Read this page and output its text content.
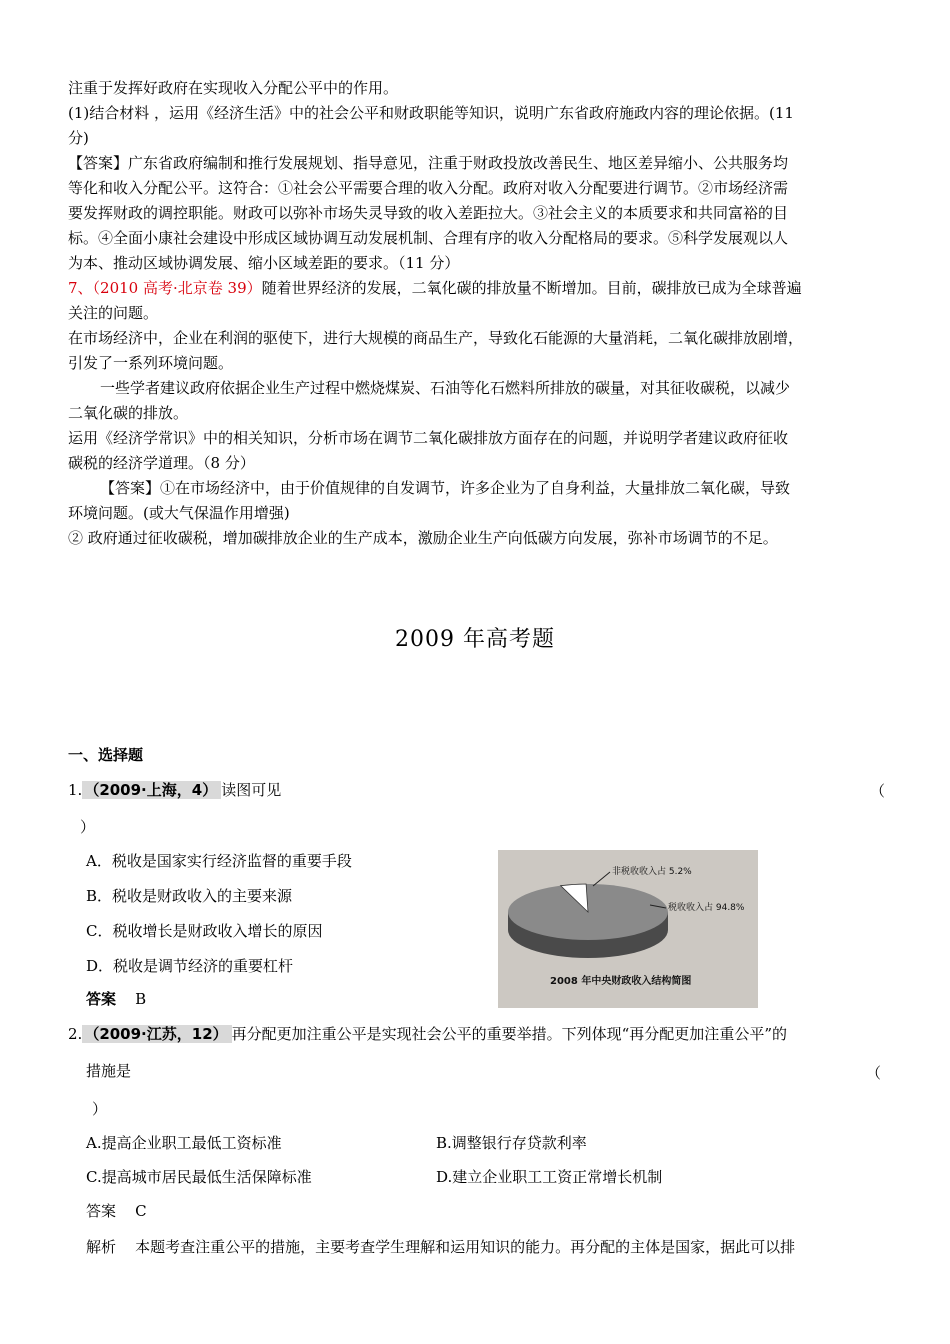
注重于发挥好政府在实现收入分配公平中的作用。
(1)结合材料 ，运用《经济生活》中的社会公平和财政职能等知识，说明广东省政府施政内容的理论依据。(11
分)
【答案】广东省政府编制和推行发展规划、指导意见，注重于财政投放改善民生、地区差异缩小、公共服务均
等化和收入分配公平。这符合：①社会公平需要合理的收入分配。政府对收入分配要进行调节。②市场经济需
要发挥财政的调控职能。财政可以弥补市场失灵导致的收入差距拉大。③社会主义的本质要求和共同富裕的目
标。④全面小康社会建设中形成区域协调互动发展机制、合理有序的收入分配格局的要求。⑤科学发展观以人
为本、推动区域协调发展、缩小区域差距的要求。（11 分）
7、（2010 高考·北京卷 39）随着世界经济的发展，二氧化碳的排放量不断增加。目前，碳排放已成为全球普遍
关注的问题。
在市场经济中，企业在利润的驱使下，进行大规模的商品生产，导致化石能源的大量消耗，二氧化碳排放剧增，
引发了一系列环境问题。
一些学者建议政府依据企业生产过程中燃烧煤炭、石油等化石燃料所排放的碳量，对其征收碳税，以减少
二氧化碳的排放。
运用《经济学常识》中的相关知识，分析市场在调节二氧化碳排放方面存在的问题，并说明学者建议政府征收
碳税的经济学道理。（8 分）
【答案】①在市场经济中，由于价值规律的自发调节，许多企业为了自身利益，大量排放二氧化碳，导致
环境问题。(或大气保温作用增强)
② 政府通过征收碳税，增加碳排放企业的生产成本，激励企业生产向低碳方向发展，弥补市场调节的不足。
2009 年高考题
一、选择题
1. （2009·上海，4） 读图可见	（
）
A．税收是国家实行经济监督的重要手段
B．税收是财政收入的主要来源
C．税收增长是财政收入增长的原因
D．税收是调节经济的重要杠杆
答案 B
非税收收入占 5.2%
税收收入占 94.8%
2008 年中央财政收入结构简图
2. （2009·江苏，12） 再分配更加注重公平是实现社会公平的重要举措。下列体现“再分配更加注重公平”的
措施是	（
）
A.提高企业职工最低工资标准	B.调整银行存贷款利率
C.提高城市居民最低生活保障标准	D.建立企业职工工资正常增长机制
答案 C
解析 本题考查注重公平的措施，主要考查学生理解和运用知识的能力。再分配的主体是国家，据此可以排
